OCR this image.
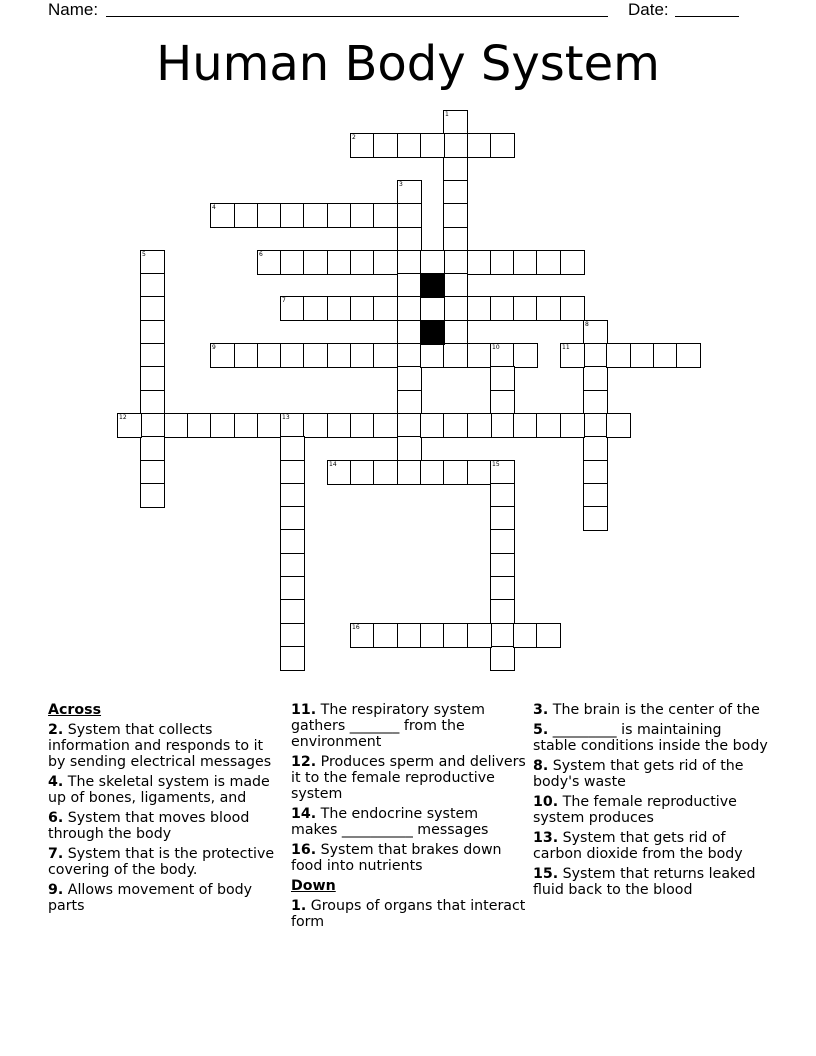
Name:	Date:
Human Body System
1
2
3
4
5	6
7
8
9	10	11
12	13
14	15
16
Across
2. System that collects information and responds to it by sending electrical messages
4. The skeletal system is made up of bones, ligaments, and
6. System that moves blood through the body
7. System that is the protective covering of the body.
9. Allows movement of body parts
11. The respiratory system gathers _______ from the environment
12. Produces sperm and delivers it to the female reproductive system
14. The endocrine system makes __________ messages
16. System that brakes down food into nutrients
Down
1. Groups of organs that interact form
3. The brain is the center of the
5. _________ is maintaining stable conditions inside the body
8. System that gets rid of the body's waste
10. The female reproductive system produces
13. System that gets rid of carbon dioxide from the body
15. System that returns leaked fluid back to the blood
